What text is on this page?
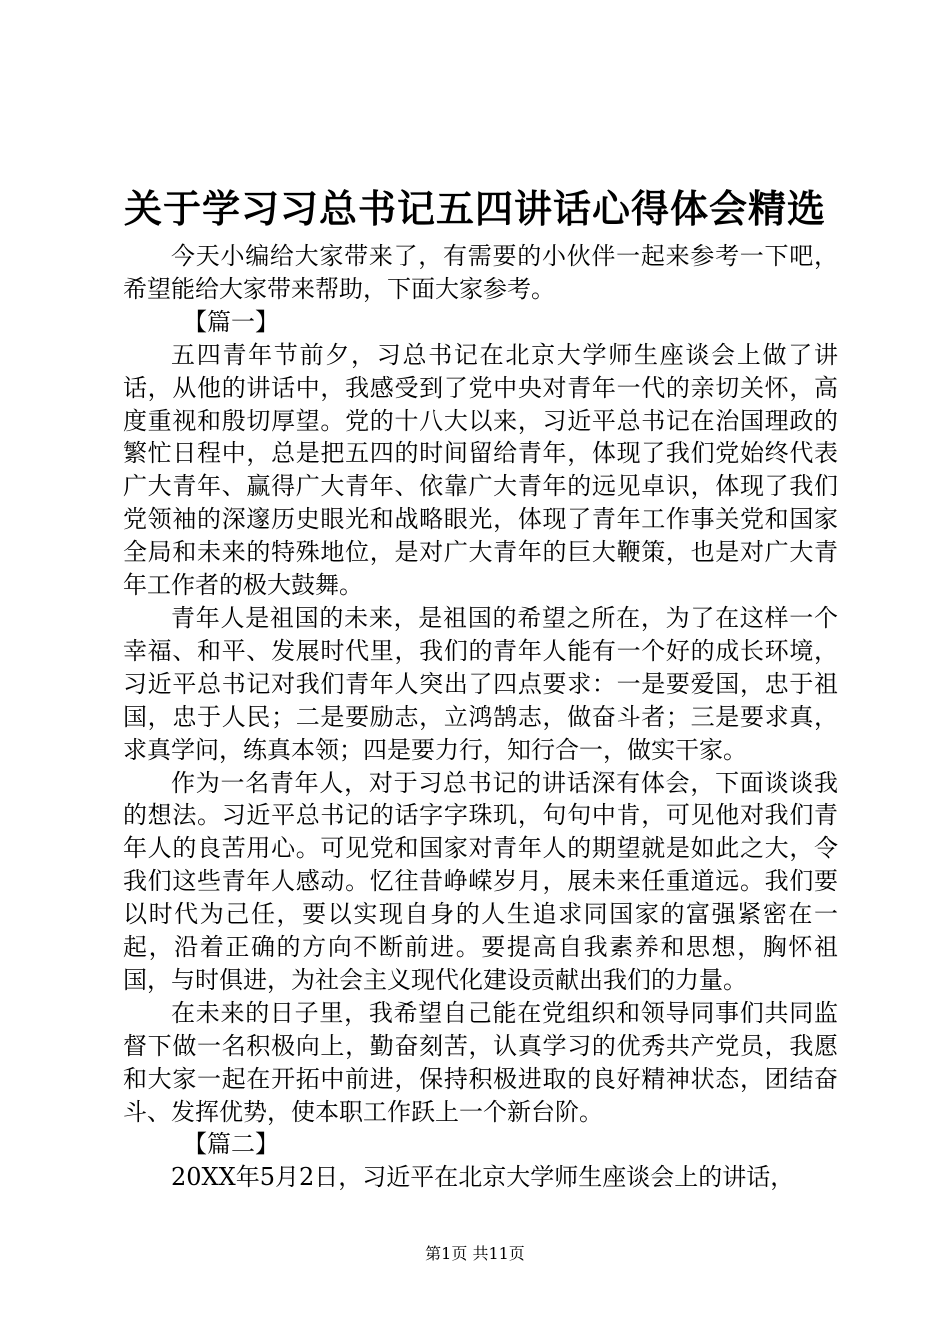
关于学习习总书记五四讲话心得体会精选

今天小编给大家带来了，有需要的小伙伴一起来参考一下吧，希望能给大家带来帮助，下面大家参考。

【篇一】

五四青年节前夕，习总书记在北京大学师生座谈会上做了讲话，从他的讲话中，我感受到了党中央对青年一代的亲切关怀，高度重视和殷切厚望。党的十八大以来，习近平总书记在治国理政的繁忙日程中，总是把五四的时间留给青年，体现了我们党始终代表广大青年、赢得广大青年、依靠广大青年的远见卓识，体现了我们党领袖的深邃历史眼光和战略眼光，体现了青年工作事关党和国家全局和未来的特殊地位，是对广大青年的巨大鞭策，也是对广大青年工作者的极大鼓舞。

青年人是祖国的未来，是祖国的希望之所在，为了在这样一个幸福、和平、发展时代里，我们的青年人能有一个好的成长环境，习近平总书记对我们青年人突出了四点要求：一是要爱国，忠于祖国，忠于人民；二是要励志，立鸿鹄志，做奋斗者；三是要求真，求真学问，练真本领；四是要力行，知行合一，做实干家。

作为一名青年人，对于习总书记的讲话深有体会，下面谈谈我的想法。习近平总书记的话字字珠玑，句句中肯，可见他对我们青年人的良苦用心。可见党和国家对青年人的期望就是如此之大，令我们这些青年人感动。忆往昔峥嵘岁月，展未来任重道远。我们要以时代为己任，要以实现自身的人生追求同国家的富强紧密在一起，沿着正确的方向不断前进。要提高自我素养和思想，胸怀祖国，与时俱进，为社会主义现代化建设贡献出我们的力量。

在未来的日子里，我希望自己能在党组织和领导同事们共同监督下做一名积极向上，勤奋刻苦，认真学习的优秀共产党员，我愿和大家一起在开拓中前进，保持积极进取的良好精神状态，团结奋斗、发挥优势，使本职工作跃上一个新台阶。

【篇二】

20XX年5月2日，习近平在北京大学师生座谈会上的讲话，

第1页 共11页
